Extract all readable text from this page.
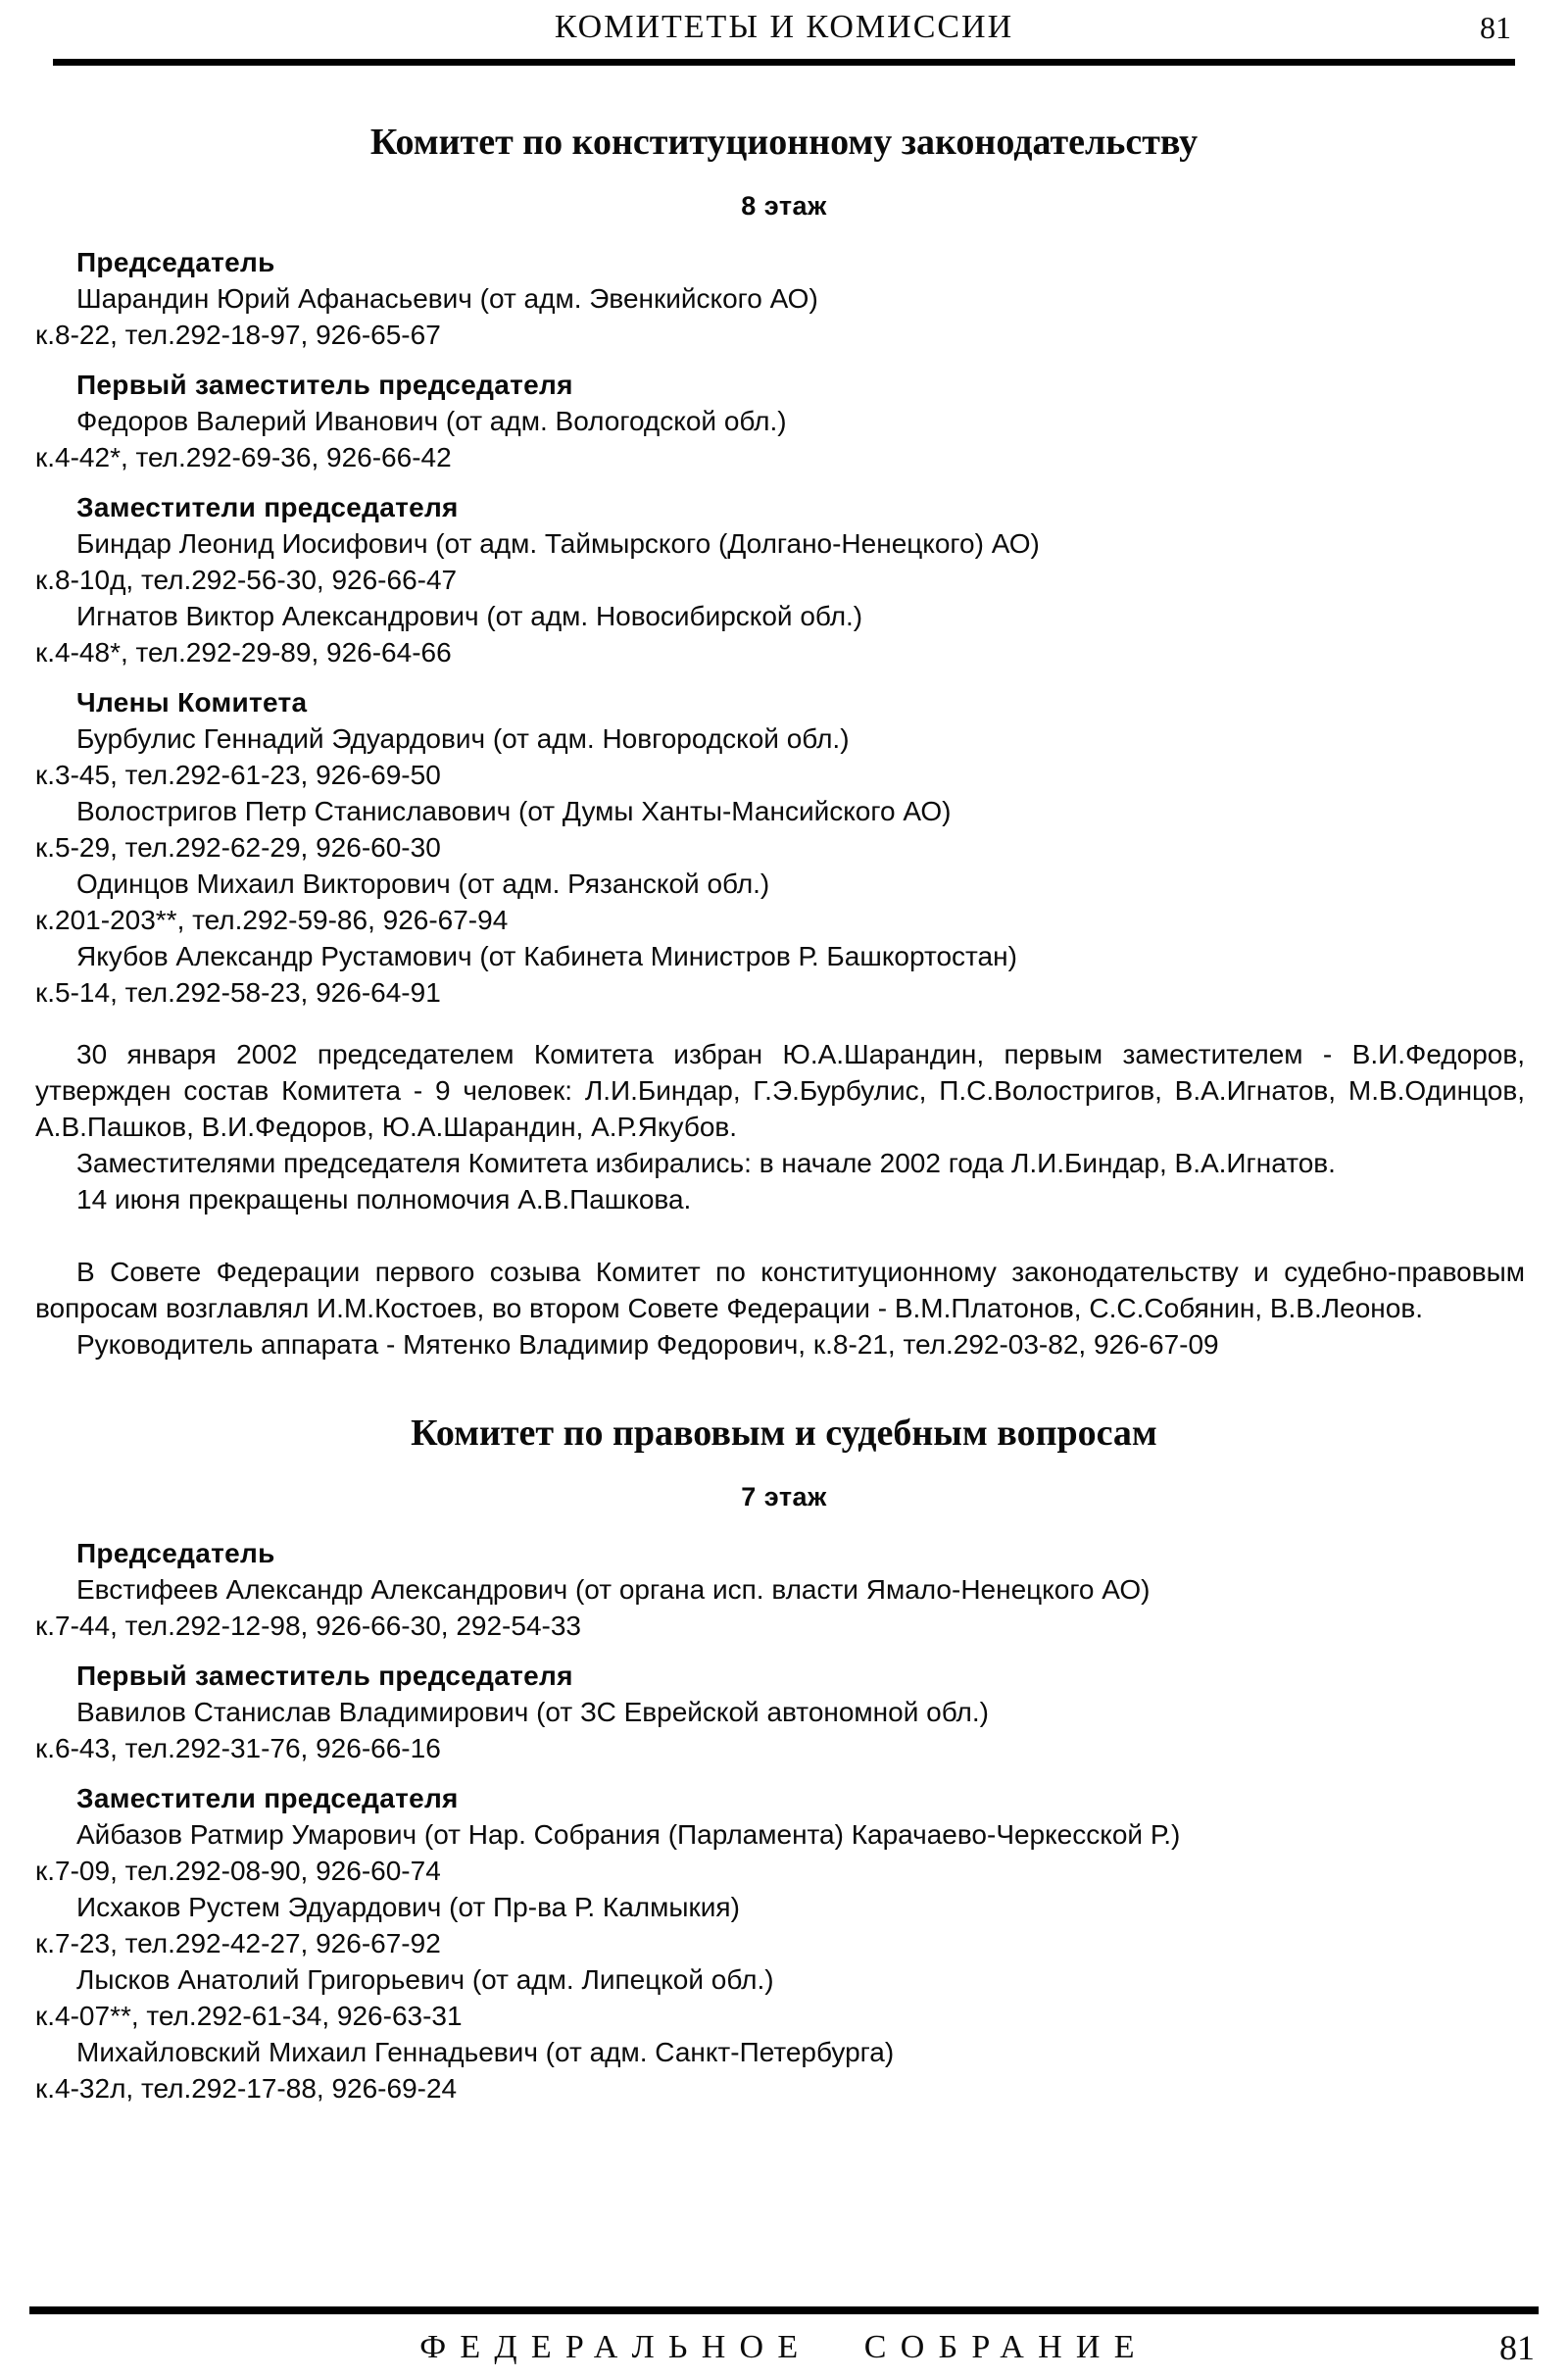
КОМИТЕТЫ И КОМИССИИ	81
Комитет по конституционному законодательству
8 этаж
Председатель
Шарандин Юрий Афанасьевич (от адм. Эвенкийского АО)
к.8-22, тел.292-18-97, 926-65-67
Первый заместитель председателя
Федоров Валерий Иванович (от адм. Вологодской обл.)
к.4-42*, тел.292-69-36, 926-66-42
Заместители председателя
Биндар Леонид Иосифович (от адм. Таймырского (Долгано-Ненецкого) АО)
к.8-10д, тел.292-56-30, 926-66-47
Игнатов Виктор Александрович (от адм. Новосибирской обл.)
к.4-48*, тел.292-29-89, 926-64-66
Члены Комитета
Бурбулис Геннадий Эдуардович (от адм. Новгородской обл.)
к.3-45, тел.292-61-23, 926-69-50
Волостригов Петр Станиславович (от Думы Ханты-Мансийского АО)
к.5-29, тел.292-62-29, 926-60-30
Одинцов Михаил Викторович (от адм. Рязанской обл.)
к.201-203**, тел.292-59-86, 926-67-94
Якубов Александр Рустамович (от Кабинета Министров Р. Башкортостан)
к.5-14, тел.292-58-23, 926-64-91

30 января 2002 председателем Комитета избран Ю.А.Шарандин, первым заместителем - В.И.Федоров, утвержден состав Комитета - 9 человек: Л.И.Биндар, Г.Э.Бурбулис, П.С.Волостригов, В.А.Игнатов, М.В.Одинцов, А.В.Пашков, В.И.Федоров, Ю.А.Шарандин, А.Р.Якубов.

Заместителями председателя Комитета избирались: в начале 2002 года Л.И.Биндар, В.А.Игнатов.

14 июня прекращены полномочия А.В.Пашкова.

В Совете Федерации первого созыва Комитет по конституционному законодательству и судебно-правовым вопросам возглавлял И.М.Костоев, во втором Совете Федерации - В.М.Платонов, С.С.Собянин, В.В.Леонов.

Руководитель аппарата - Мятенко Владимир Федорович, к.8-21, тел.292-03-82, 926-67-09

Комитет по правовым и судебным вопросам
7 этаж
Председатель
Евстифеев Александр Александрович (от органа исп. власти Ямало-Ненецкого АО)
к.7-44, тел.292-12-98, 926-66-30, 292-54-33
Первый заместитель председателя
Вавилов Станислав Владимирович (от ЗС Еврейской автономной обл.)
к.6-43, тел.292-31-76, 926-66-16
Заместители председателя
Айбазов Ратмир Умарович (от Нар. Собрания (Парламента) Карачаево-Черкесской Р.)
к.7-09, тел.292-08-90, 926-60-74
Исхаков Рустем Эдуардович (от Пр-ва Р. Калмыкия)
к.7-23, тел.292-42-27, 926-67-92
Лысков Анатолий Григорьевич (от адм. Липецкой обл.)
к.4-07**, тел.292-61-34, 926-63-31
Михайловский Михаил Геннадьевич (от адм. Санкт-Петербурга)
к.4-32л, тел.292-17-88, 926-69-24
ФЕДЕРАЛЬНОЕ СОБРАНИЕ	81
